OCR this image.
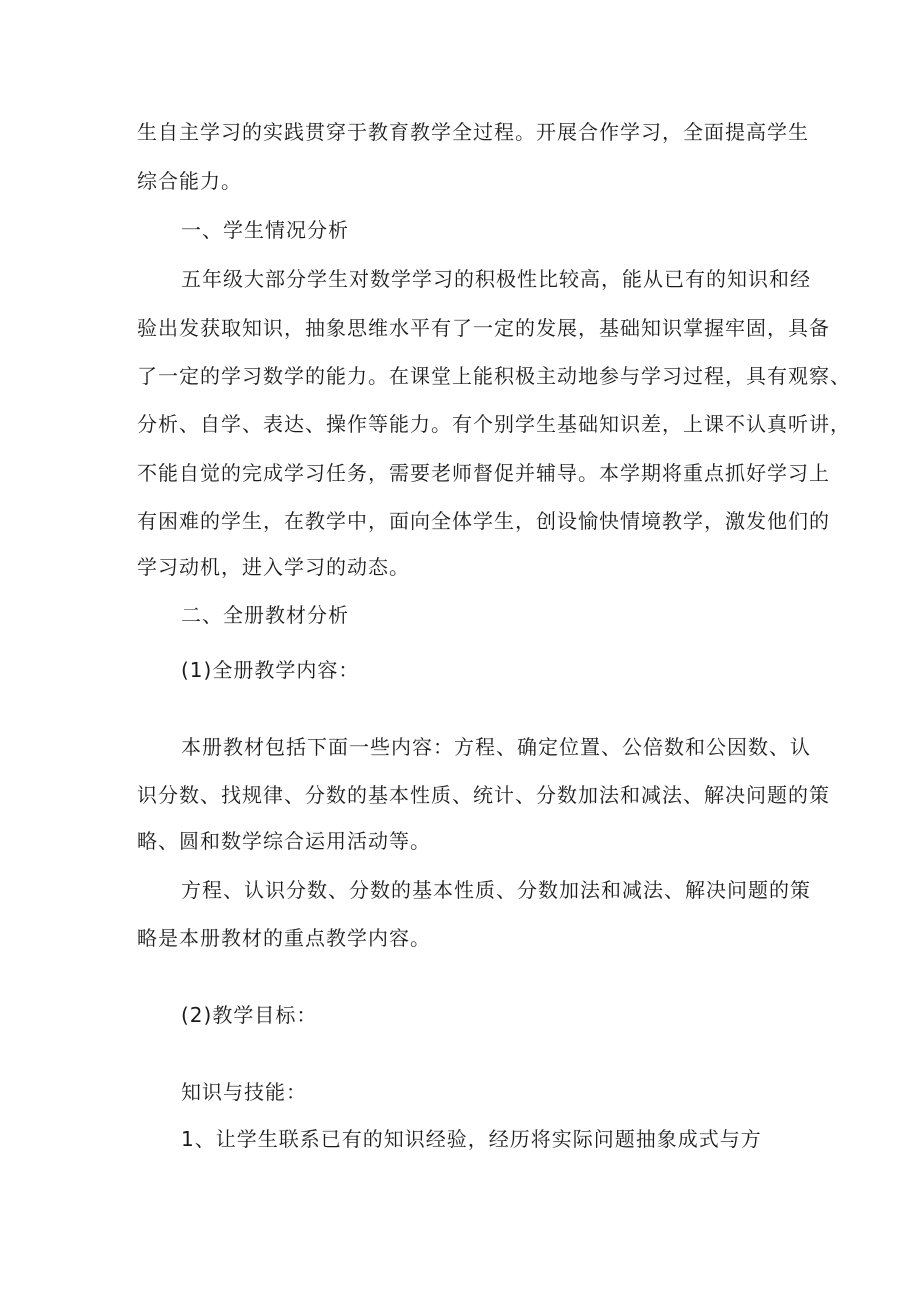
生自主学习的实践贯穿于教育教学全过程。开展合作学习，全面提高学生
综合能力。
一、学生情况分析
五年级大部分学生对数学学习的积极性比较高，能从已有的知识和经
验出发获取知识，抽象思维水平有了一定的发展，基础知识掌握牢固，具备
了一定的学习数学的能力。在课堂上能积极主动地参与学习过程，具有观察、
分析、自学、表达、操作等能力。有个别学生基础知识差，上课不认真听讲，
不能自觉的完成学习任务，需要老师督促并辅导。本学期将重点抓好学习上
有困难的学生，在教学中，面向全体学生，创设愉快情境教学，激发他们的
学习动机，进入学习的动态。
二、全册教材分析
(1)全册教学内容：
本册教材包括下面一些内容：方程、确定位置、公倍数和公因数、认
识分数、找规律、分数的基本性质、统计、分数加法和减法、解决问题的策
略、圆和数学综合运用活动等。
方程、认识分数、分数的基本性质、分数加法和减法、解决问题的策
略是本册教材的重点教学内容。
(2)教学目标：
知识与技能：
1、让学生联系已有的知识经验，经历将实际问题抽象成式与方
